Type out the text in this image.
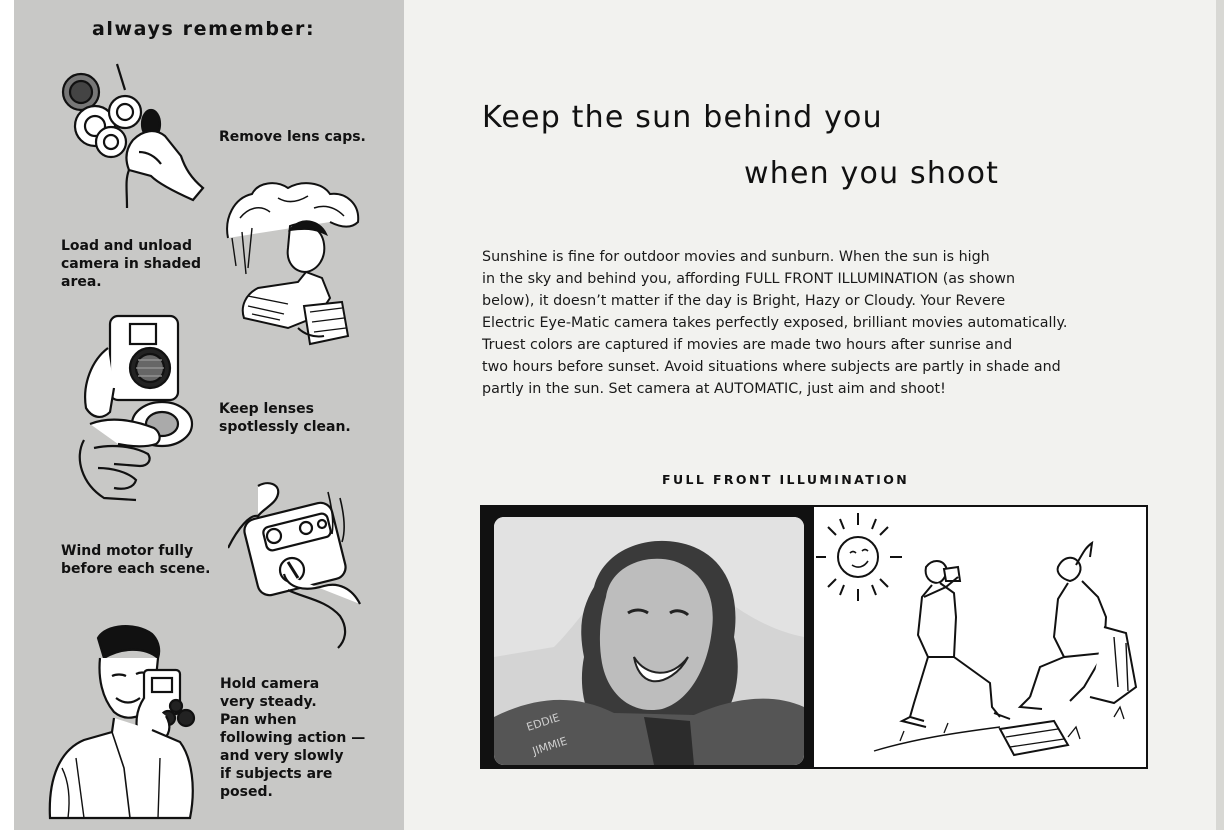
always remember:
Remove lens caps.
Load and unload
camera in shaded
area.
Keep lenses
spotlessly clean.
Wind motor fully
before each scene.
Hold camera
very steady.
Pan when
following action —
and very slowly
if subjects are
posed.
Keep the sun behind you
when you shoot
Sunshine is fine for outdoor movies and sunburn. When the sun is high
in the sky and behind you, affording FULL FRONT ILLUMINATION (as shown
below), it doesn’t matter if the day is Bright, Hazy or Cloudy. Your Revere
Electric Eye-Matic camera takes perfectly exposed, brilliant movies automatically.
Truest colors are captured if movies are made two hours after sunrise and
two hours before sunset. Avoid situations where subjects are partly in shade and
partly in the sun. Set camera at AUTOMATIC, just aim and shoot!
FULL FRONT ILLUMINATION
EDDIE
JIMMIE
